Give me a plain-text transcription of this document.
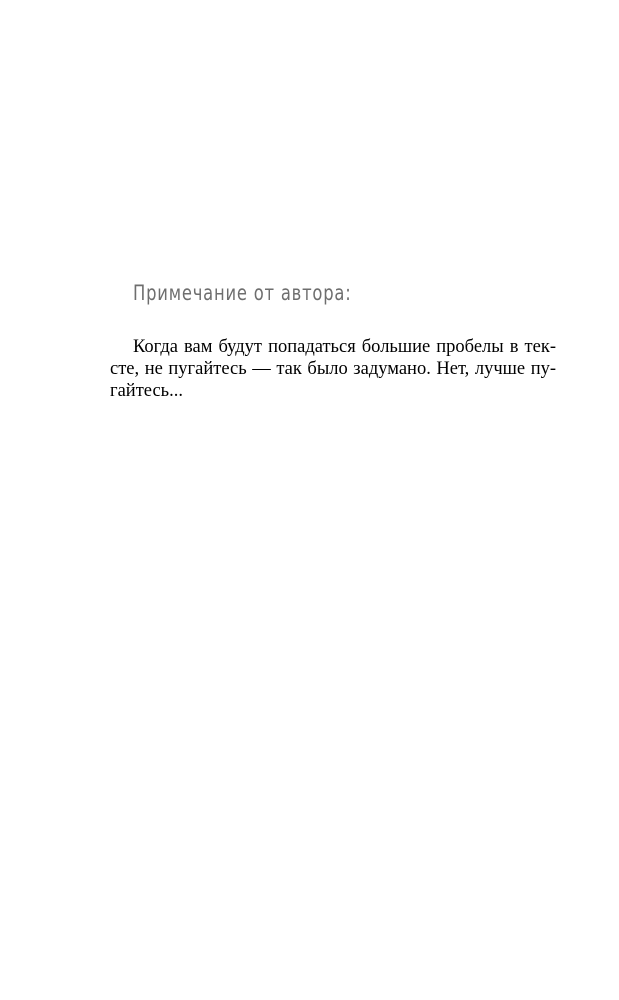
Примечание от автора:
Когда вам будут попадаться большие пробелы в тек-
сте, не пугайтесь — так было задумано. Нет, лучше пу-
гайтесь...
